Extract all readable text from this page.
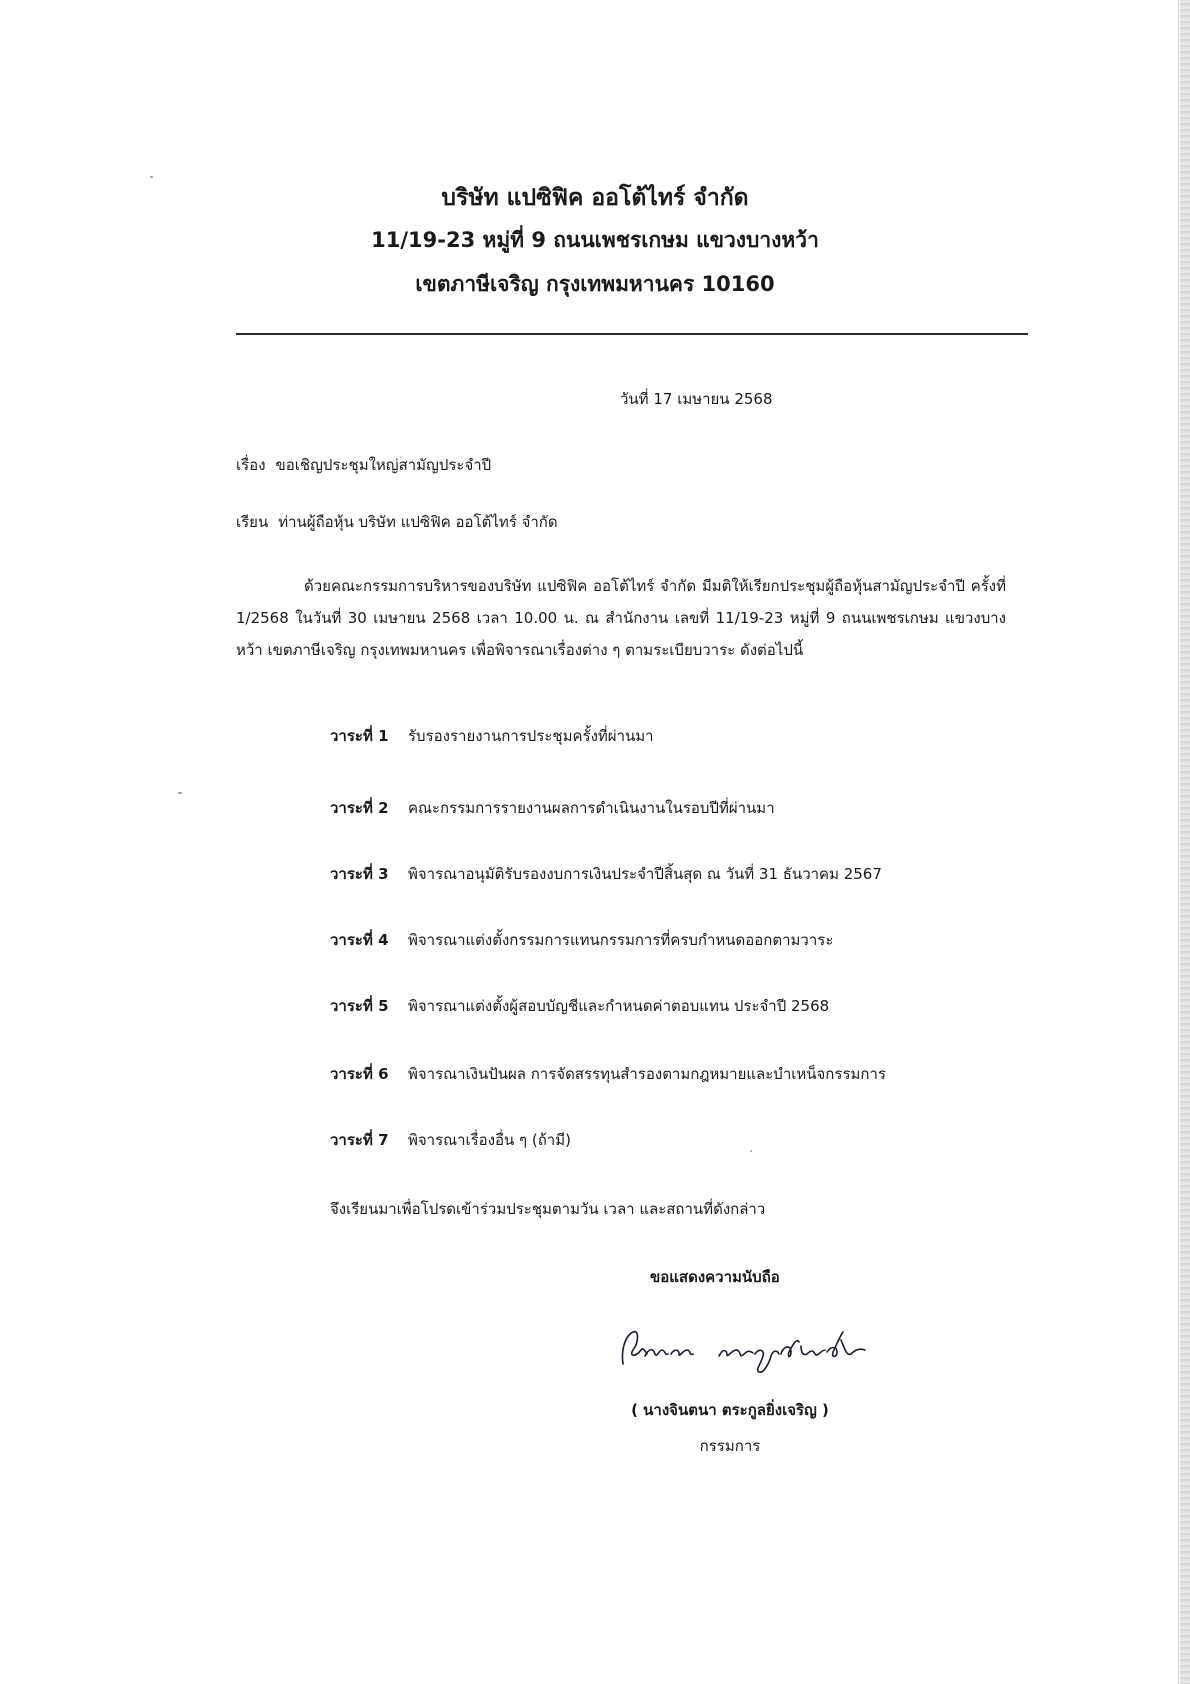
บริษัท แปซิฟิค ออโต้ไทร์ จำกัด
11/19-23 หมู่ที่ 9 ถนนเพชรเกษม แขวงบางหว้า
เขตภาษีเจริญ กรุงเทพมหานคร 10160
วันที่ 17 เมษายน 2568
เรื่อง ขอเชิญประชุมใหญ่สามัญประจำปี
เรียน ท่านผู้ถือหุ้น บริษัท แปซิฟิค ออโต้ไทร์ จำกัด
ด้วยคณะกรรมการบริหารของบริษัท แปซิฟิค ออโต้ไทร์ จำกัด มีมติให้เรียกประชุมผู้ถือหุ้นสามัญประจำปี ครั้งที่ 1/2568 ในวันที่ 30 เมษายน 2568 เวลา 10.00 น. ณ สำนักงาน เลขที่ 11/19-23 หมู่ที่ 9 ถนนเพชรเกษม แขวงบางหว้า เขตภาษีเจริญ กรุงเทพมหานคร เพื่อพิจารณาเรื่องต่าง ๆ ตามระเบียบวาระ ดังต่อไปนี้
วาระที่ 1 รับรองรายงานการประชุมครั้งที่ผ่านมา
วาระที่ 2 คณะกรรมการรายงานผลการดำเนินงานในรอบปีที่ผ่านมา
วาระที่ 3 พิจารณาอนุมัติรับรองงบการเงินประจำปีสิ้นสุด ณ วันที่ 31 ธันวาคม 2567
วาระที่ 4 พิจารณาแต่งตั้งกรรมการแทนกรรมการที่ครบกำหนดออกตามวาระ
วาระที่ 5 พิจารณาแต่งตั้งผู้สอบบัญชีและกำหนดค่าตอบแทน ประจำปี 2568
วาระที่ 6 พิจารณาเงินปันผล การจัดสรรทุนสำรองตามกฎหมายและบำเหน็จกรรมการ
วาระที่ 7 พิจารณาเรื่องอื่น ๆ (ถ้ามี)
จึงเรียนมาเพื่อโปรดเข้าร่วมประชุมตามวัน เวลา และสถานที่ดังกล่าว
ขอแสดงความนับถือ
( นางจินตนา ตระกูลยิ่งเจริญ )
กรรมการ
